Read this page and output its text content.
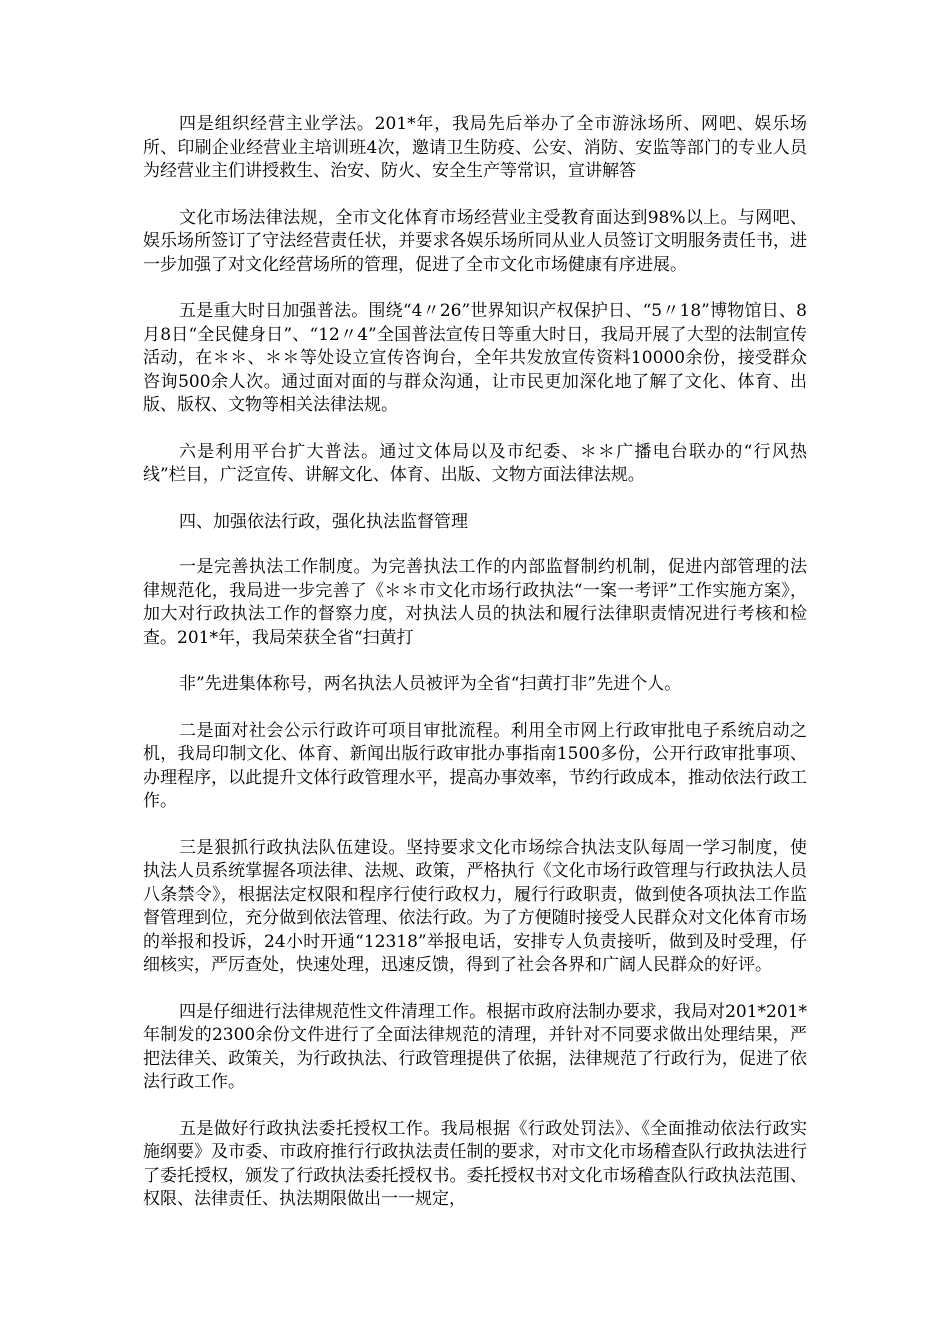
四是组织经营主业学法。201*年，我局先后举办了全市游泳场所、网吧、娱乐场所、印刷企业经营业主培训班4次，邀请卫生防疫、公安、消防、安监等部门的专业人员为经营业主们讲授救生、治安、防火、安全生产等常识，宣讲解答

文化市场法律法规，全市文化体育市场经营业主受教育面达到98%以上。与网吧、娱乐场所签订了守法经营责任状，并要求各娱乐场所同从业人员签订文明服务责任书，进一步加强了对文化经营场所的管理，促进了全市文化市场健康有序进展。

五是重大时日加强普法。围绕“4〃26”世界知识产权保护日、“5〃18”博物馆日、8月8日“全民健身日”、“12〃4”全国普法宣传日等重大时日，我局开展了大型的法制宣传活动，在＊＊、＊＊等处设立宣传咨询台，全年共发放宣传资料10000余份，接受群众咨询500余人次。通过面对面的与群众沟通，让市民更加深化地了解了文化、体育、出版、版权、文物等相关法律法规。

六是利用平台扩大普法。通过文体局以及市纪委、＊＊广播电台联办的“行风热线”栏目，广泛宣传、讲解文化、体育、出版、文物方面法律法规。

四、加强依法行政，强化执法监督管理

一是完善执法工作制度。为完善执法工作的内部监督制约机制，促进内部管理的法律规范化，我局进一步完善了《＊＊市文化市场行政执法“一案一考评”工作实施方案》，加大对行政执法工作的督察力度，对执法人员的执法和履行法律职责情况进行考核和检查。201*年，我局荣获全省“扫黄打

非”先进集体称号，两名执法人员被评为全省“扫黄打非”先进个人。

二是面对社会公示行政许可项目审批流程。利用全市网上行政审批电子系统启动之机，我局印制文化、体育、新闻出版行政审批办事指南1500多份，公开行政审批事项、办理程序，以此提升文体行政管理水平，提高办事效率，节约行政成本，推动依法行政工作。

三是狠抓行政执法队伍建设。坚持要求文化市场综合执法支队每周一学习制度，使执法人员系统掌握各项法律、法规、政策，严格执行《文化市场行政管理与行政执法人员八条禁令》，根据法定权限和程序行使行政权力，履行行政职责，做到使各项执法工作监督管理到位，充分做到依法管理、依法行政。为了方便随时接受人民群众对文化体育市场的举报和投诉，24小时开通“12318”举报电话，安排专人负责接听，做到及时受理，仔细核实，严厉查处，快速处理，迅速反馈，得到了社会各界和广阔人民群众的好评。

四是仔细进行法律规范性文件清理工作。根据市政府法制办要求，我局对201*201*年制发的2300余份文件进行了全面法律规范的清理，并针对不同要求做出处理结果，严把法律关、政策关，为行政执法、行政管理提供了依据，法律规范了行政行为，促进了依法行政工作。

五是做好行政执法委托授权工作。我局根据《行政处罚法》、《全面推动依法行政实施纲要》及市委、市政府推行行政执法责任制的要求，对市文化市场稽查队行政执法进行了委托授权，颁发了行政执法委托授权书。委托授权书对文化市场稽查队行政执法范围、权限、法律责任、执法期限做出一一规定，
